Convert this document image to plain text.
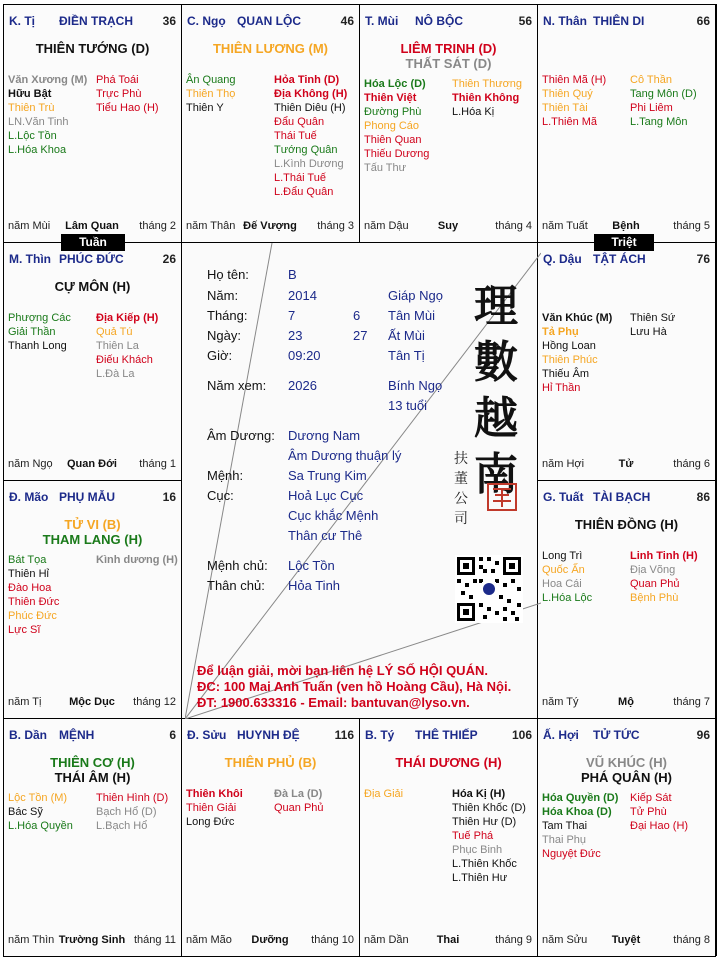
K. Tị ĐIỀN TRẠCH 36
THIÊN TƯỚNG (D)
Văn Xương (M)
Hữu Bật
Thiên Trù
LN.Văn Tinh
L.Lộc Tồn
L.Hóa Khoa
Phá Toái
Trực Phù
Tiểu Hao (H)
năm Mùi	Lâm Quan	tháng 2
C. Ngọ QUAN LỘC	46
THIÊN LƯƠNG (M)
Ân Quang
Thiên Thọ
Thiên Y
Hỏa Tinh (D)
Địa Không (H)
Thiên Diêu (H)
Đẩu Quân
Thái Tuế
Tướng Quân
L.Kình Dương
L.Thái Tuế
L.Đẩu Quân
năm Thân Đế Vượng	tháng 3
T. Mùi NÔ BỘC	56
LIÊM TRINH (D)
THẤT SÁT (D)
Hóa Lộc (D)
Thiên Việt
Đường Phù
Phong Cáo
Thiên Quan
Thiếu Dương
Tấu Thư
Thiên Thương
Thiên Không
L.Hóa Kị
năm Dậu	Suy	tháng 4
N. Thân THIÊN DI	66
Thiên Mã (H)
Thiên Quý
Thiên Tài
L.Thiên Mã
Cô Thần
Tang Môn (D)
Phi Liêm
L.Tang Môn
năm Tuất	Bệnh	tháng 5
M. Thìn PHÚC ĐỨC	26
CỰ MÔN (H)
Phượng Các
Giải Thần
Thanh Long
Địa Kiếp (H)
Quả Tú
Thiên La
Điếu Khách
L.Đà La
năm Ngọ	Quan Đới	tháng 1
Q. Dậu TẬT ÁCH	76
Văn Khúc (M)
Tả Phụ
Hồng Loan
Thiên Phúc
Thiếu Âm
Hỉ Thần
Thiên Sứ
Lưu Hà
năm Hợi	Tử	tháng 6
Đ. Mão PHỤ MẪU	16
TỬ VI (B)
THAM LANG (H)
Bát Tọa
Thiên Hỉ
Đào Hoa
Thiên Đức
Phúc Đức
Lực Sĩ
Kình dương (H)
năm Tị	Mộc Dục	tháng 12
G. Tuất TÀI BẠCH	86
THIÊN ĐỒNG (H)
Long Trì
Quốc Ấn
Hoa Cái
L.Hóa Lộc
Linh Tinh (H)
Địa Võng
Quan Phủ
Bệnh Phù
năm Tý	Mộ	tháng 7
B. Dần MỆNH	6
THIÊN CƠ (H)
THÁI ÂM (H)
Lộc Tồn (M)
Bác Sỹ
L.Hóa Quyền
Thiên Hình (D)
Bạch Hổ (D)
L.Bạch Hổ
năm Thìn Trường Sinh tháng 11
Đ. Sửu HUYNH ĐỆ	116
THIÊN PHỦ (B)
Thiên Khôi
Thiên Giải
Long Đức
Đà La (D)
Quan Phủ
năm Mão	Dưỡng	tháng 10
B. Tý THÊ THIẾP	106
THÁI DƯƠNG (H)
Địa Giải	Hóa Kị (H)
Thiên Khốc (D)
Thiên Hư (D)
Tuế Phá
Phục Binh
L.Thiên Khốc
L.Thiên Hư
năm Dần	Thai	tháng 9
Ấ. Hợi TỬ TỨC	96
VŨ KHÚC (H)
PHÁ QUÂN (H)
Hóa Quyền (D)
Hóa Khoa (D)
Tam Thai
Thai Phụ
Nguyệt Đức
Kiếp Sát
Tử Phù
Đại Hao (H)
năm Sửu	Tuyệt	tháng 8
Tuần	Triệt
Họ tên:	B
Năm:	2014	Giáp Ngọ
Tháng:	7	6 Tân Mùi
Ngày:	23	27 Ất Mùi
Giờ:	09:20	Tân Tị
Năm xem: 2026	Bính Ngọ
13 tuổi
Âm Dương: Dương Nam
Âm Dương thuận lý
Mệnh:	Sa Trung Kim
Cục:	Hoả Lục Cục
Cục khắc Mệnh
Thân cư Thê
Mệnh chủ: Lộc Tồn
Thân chủ: Hỏa Tinh
理
數
越
南
扶
董
公
司
Để luận giải, mời bạn liên hệ LÝ SỐ HỘI QUÁN.
ĐC: 100 Mai Anh Tuấn (ven hồ Hoàng Cầu), Hà Nội.
ĐT: 1900.633316 - Email: bantuvan@lyso.vn.
